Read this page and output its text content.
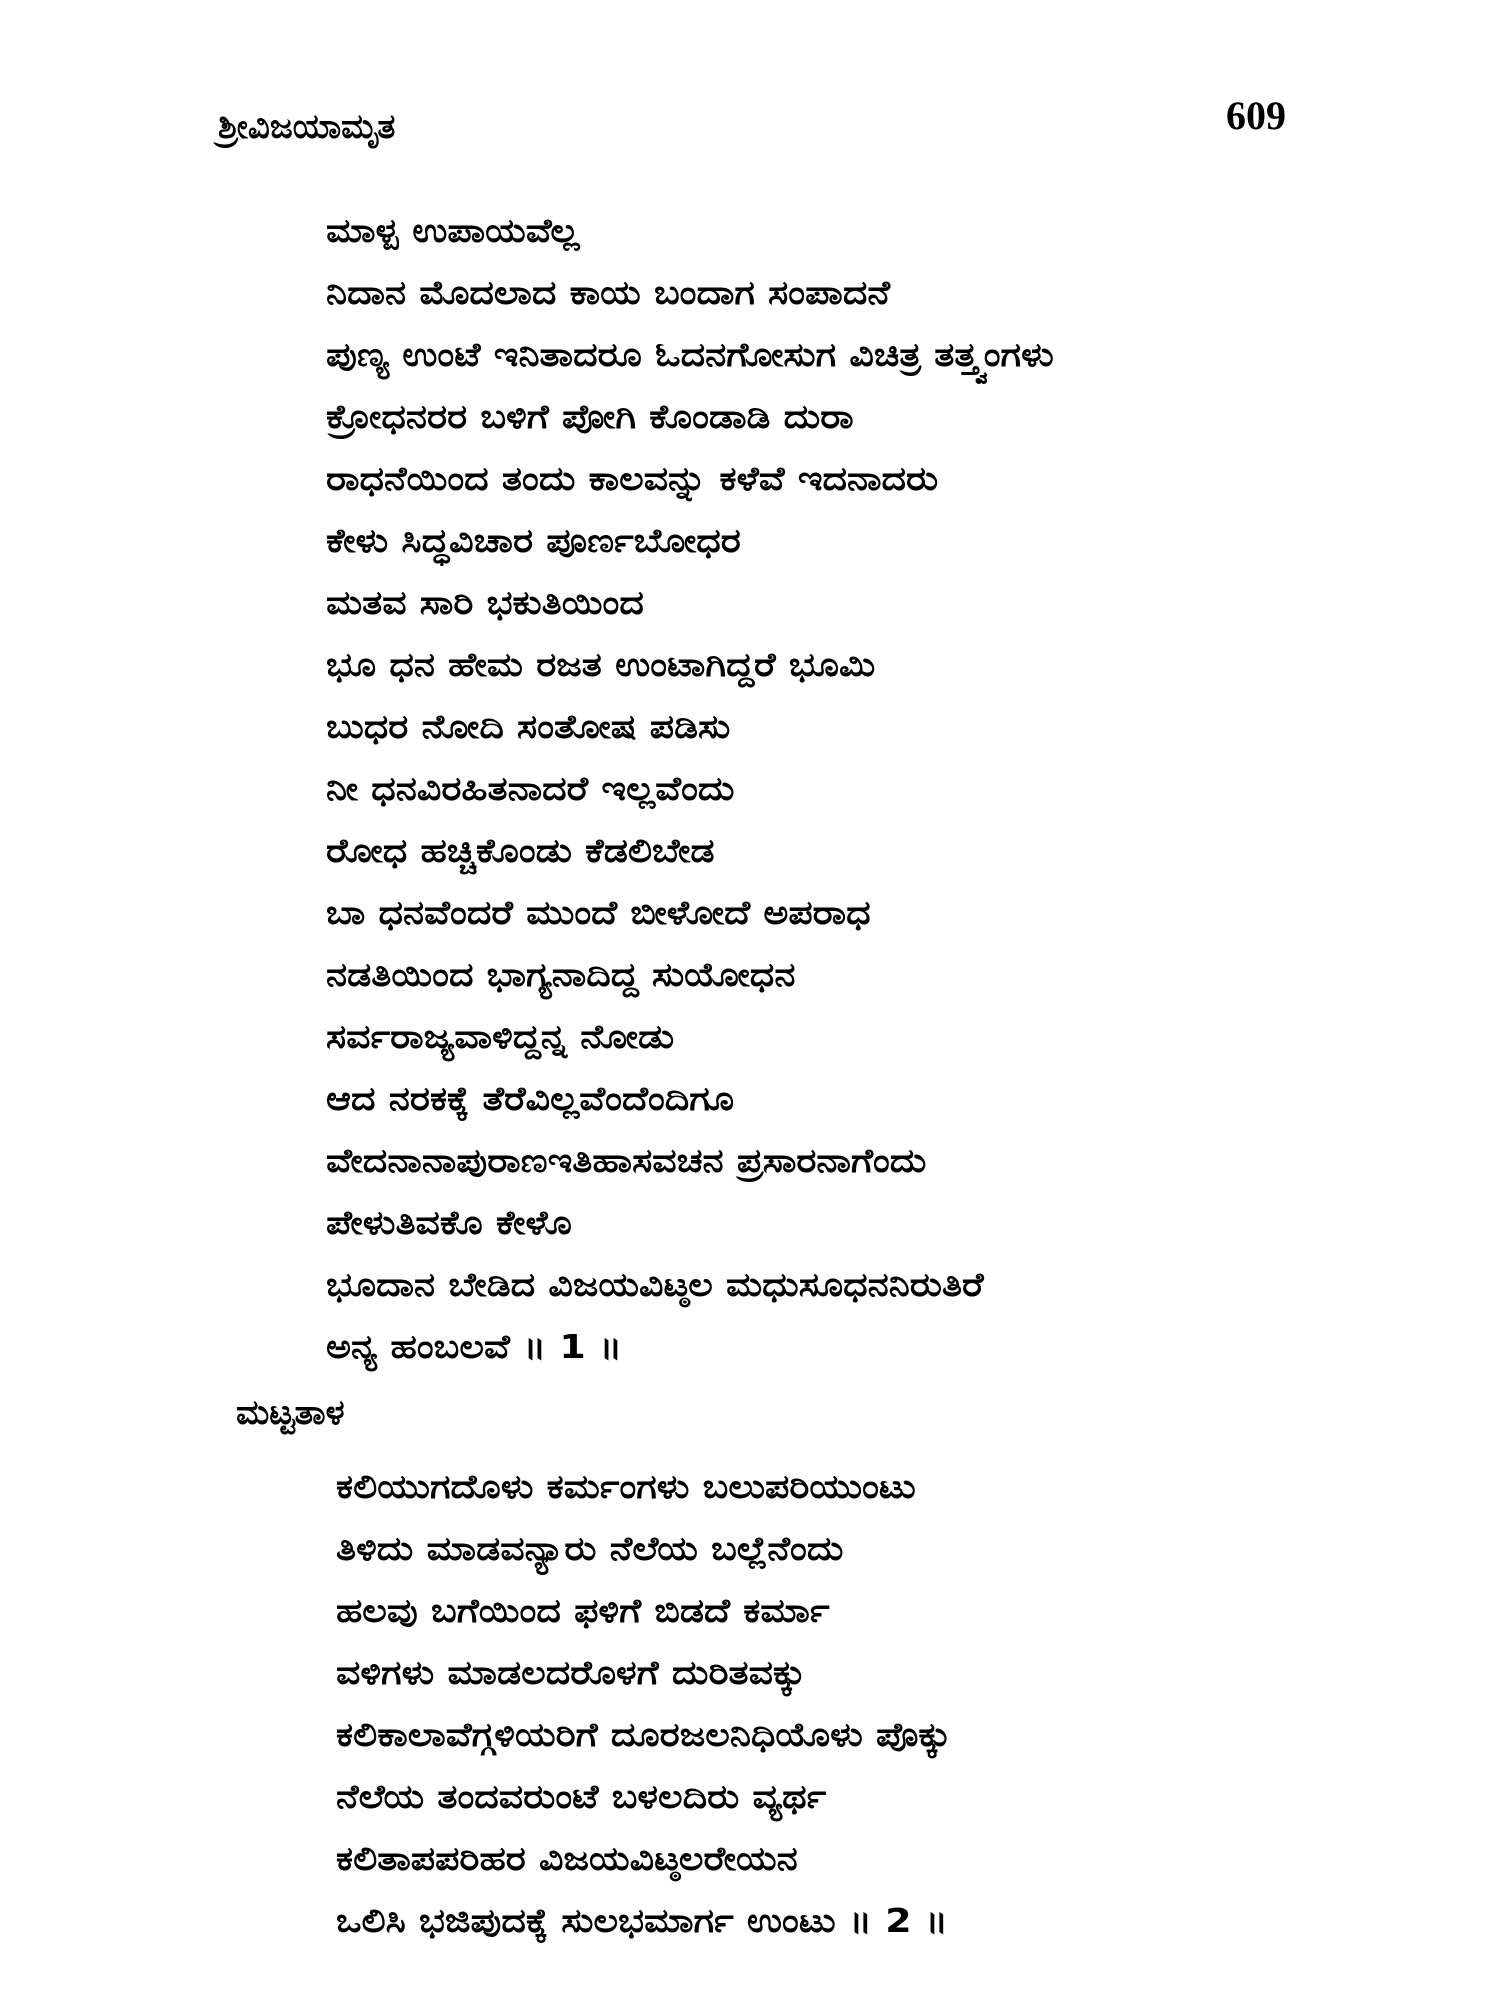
ಶ್ರೀವಿಜಯಾಮೃತ	609
ಮಾಳ್ಪ ಉಪಾಯವೆಲ್ಲ
ನಿದಾನ ಮೊದಲಾದ ಕಾಯ ಬಂದಾಗ ಸಂಪಾದನೆ
ಪುಣ್ಯ ಉಂಟೆ ಇನಿತಾದರೂ ಓದನಗೋಸುಗ ವಿಚಿತ್ರ ತತ್ತ್ವಂಗಳು
ಕ್ರೋಧನರರ ಬಳಿಗೆ ಪೋಗಿ ಕೊಂಡಾಡಿ ದುರಾ
ರಾಧನೆಯಿಂದ ತಂದು ಕಾಲವನ್ನು ಕಳೆವೆ ಇದನಾದರು
ಕೇಳು ಸಿದ್ಧವಿಚಾರ ಪೂರ್ಣಬೋಧರ
ಮತವ ಸಾರಿ ಭಕುತಿಯಿಂದ
ಭೂ ಧನ ಹೇಮ ರಜತ ಉಂಟಾಗಿದ್ದರೆ ಭೂಮಿ
ಬುಧರ ನೋದಿ ಸಂತೋಷ ಪಡಿಸು
ನೀ ಧನವಿರಹಿತನಾದರೆ ಇಲ್ಲವೆಂದು
ರೋಧ ಹಚ್ಚಿಕೊಂಡು ಕೆಡಲಿಬೇಡ
ಬಾ ಧನವೆಂದರೆ ಮುಂದೆ ಬೀಳೋದೆ ಅಪರಾಧ
ನಡತಿಯಿಂದ ಭಾಗ್ಯನಾದಿದ್ದ ಸುಯೋಧನ
ಸರ್ವರಾಜ್ಯವಾಳಿದ್ದನ್ನ ನೋಡು
ಆದ ನರಕಕ್ಕೆ ತೆರೆವಿಲ್ಲವೆಂದೆಂದಿಗೂ
ವೇದನಾನಾಪುರಾಣಇತಿಹಾಸವಚನ ಪ್ರಸಾರನಾಗೆಂದು
ಪೇಳುತಿವಕೊ ಕೇಳೊ
ಭೂದಾನ ಬೇಡಿದ ವಿಜಯವಿಟ್ಠಲ ಮಧುಸೂಧನನಿರುತಿರೆ
ಅನ್ಯ ಹಂಬಲವೆ ॥ 1 ॥
ಮಟ್ಟತಾಳ
ಕಲಿಯುಗದೊಳು ಕರ್ಮಂಗಳು ಬಲುಪರಿಯುಂಟು
ತಿಳಿದು ಮಾಡವನ್ಯಾರು ನೆಲೆಯ ಬಲ್ಲೆನೆಂದು
ಹಲವು ಬಗೆಯಿಂದ ಫಳಿಗೆ ಬಿಡದೆ ಕರ್ಮಾ
ವಳಿಗಳು ಮಾಡಲದರೊಳಗೆ ದುರಿತವಕ್ಕು
ಕಲಿಕಾಲಾವೆಗ್ಗಳಿಯರಿಗೆ ದೂರಜಲನಿಧಿಯೊಳು ಪೊಕ್ಕು
ನೆಲೆಯ ತಂದವರುಂಟೆ ಬಳಲದಿರು ವ್ಯರ್ಥ
ಕಲಿತಾಪಪರಿಹರ ವಿಜಯವಿಟ್ಠಲರೇಯನ
ಒಲಿಸಿ ಭಜಿಪುದಕ್ಕೆ ಸುಲಭಮಾರ್ಗ ಉಂಟು ॥ 2 ॥
